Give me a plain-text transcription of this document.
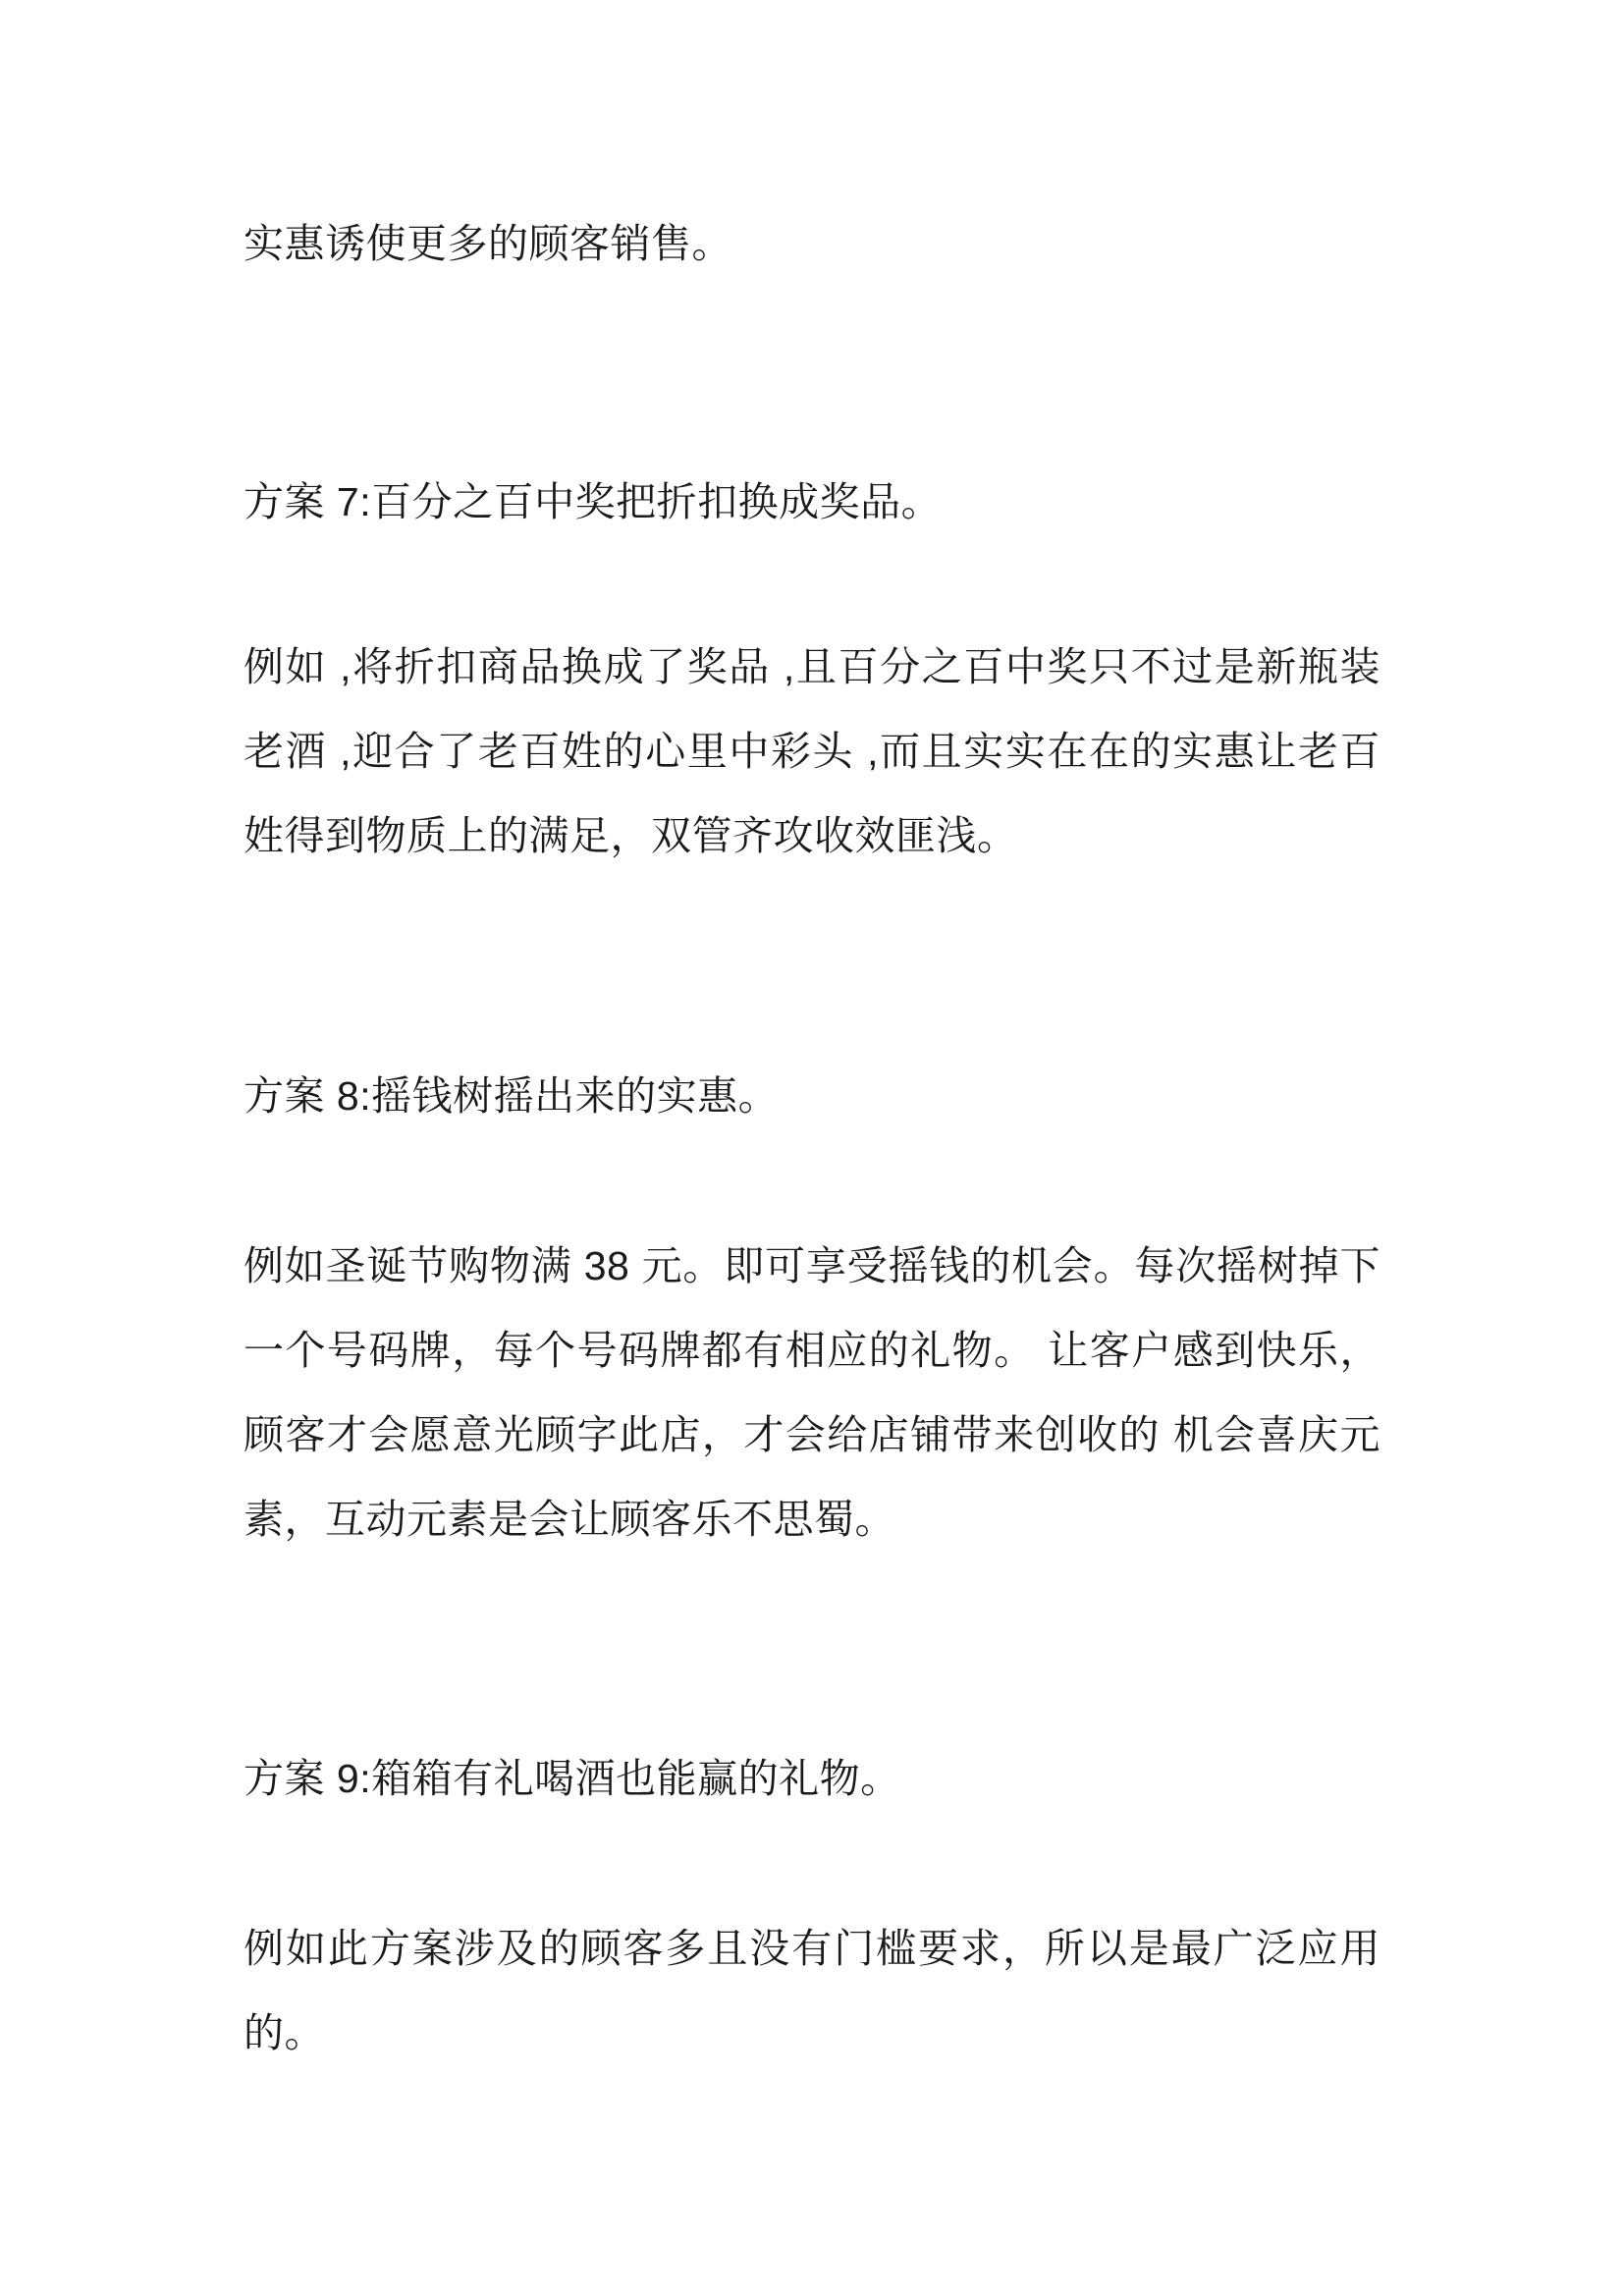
实惠诱使更多的顾客销售。

方案 7:百分之百中奖把折扣换成奖品。

例如 ,将折扣商品换成了奖品 ,且百分之百中奖只不过是新瓶装老酒 ,迎合了老百姓的心里中彩头 ,而且实实在在的实惠让老百姓得到物质上的满足，双管齐攻收效匪浅。

方案 8:摇钱树摇出来的实惠。

例如圣诞节购物满 38 元。即可享受摇钱的机会。每次摇树掉下一个号码牌，每个号码牌都有相应的礼物。 让客户感到快乐，顾客才会愿意光顾字此店，才会给店铺带来创收的 机会喜庆元素，互动元素是会让顾客乐不思蜀。

方案 9:箱箱有礼喝酒也能赢的礼物。

例如此方案涉及的顾客多且没有门槛要求，所以是最广泛应用的。
